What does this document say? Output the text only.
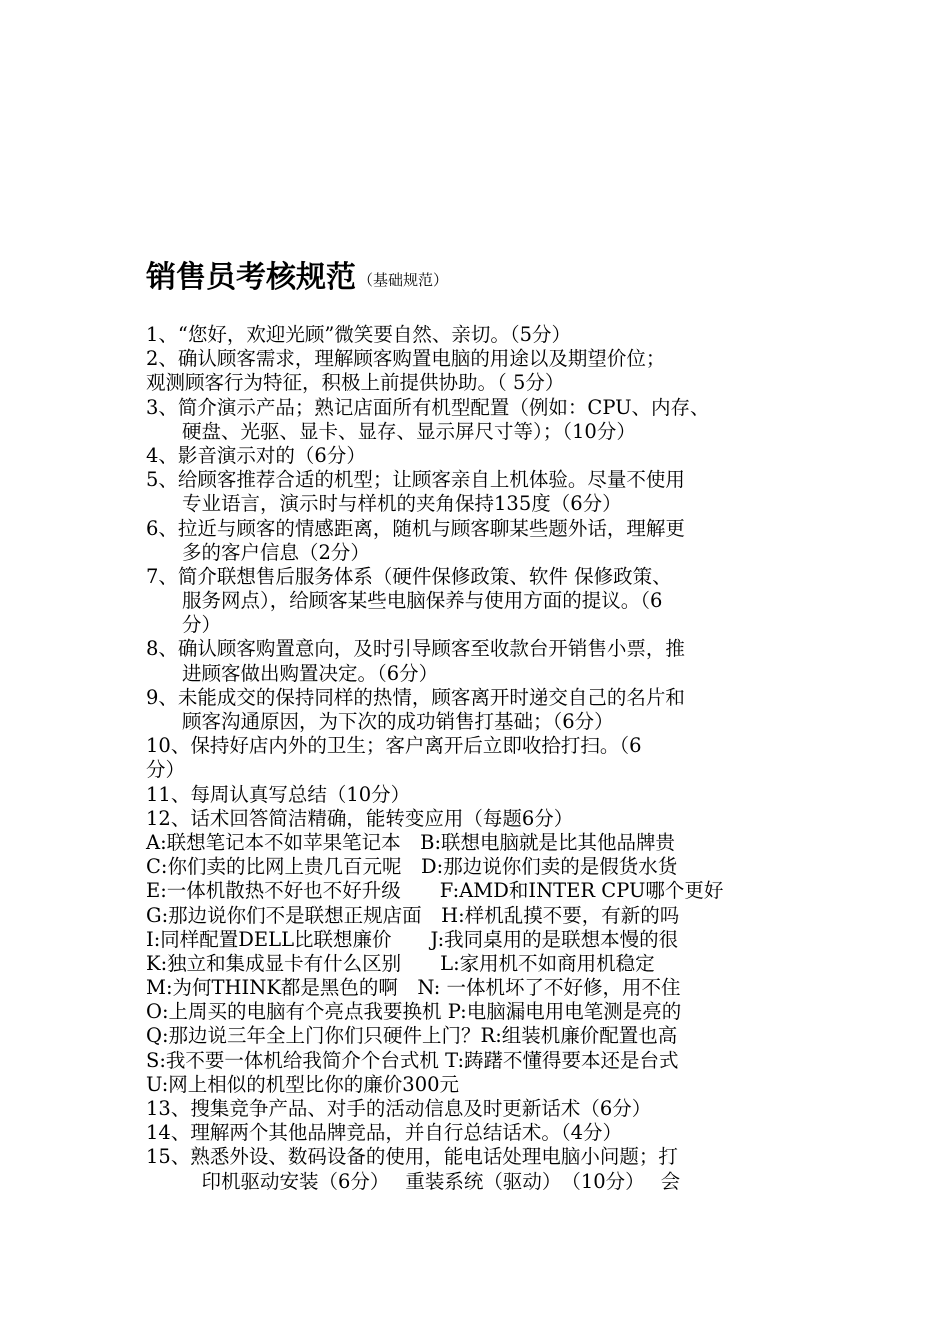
销售员考核规范 （基础规范）
1、“您好，欢迎光顾”微笑要自然、亲切。（5分）
2、确认顾客需求，理解顾客购置电脑的用途以及期望价位；
观测顾客行为特征，积极上前提供协助。（ 5分）
3、简介演示产品；熟记店面所有机型配置（例如：CPU、内存、
硬盘、光驱、显卡、显存、显示屏尺寸等）；（10分）
4、影音演示对的（6分）
5、给顾客推荐合适的机型；让顾客亲自上机体验。尽量不使用
专业语言，演示时与样机的夹角保持135度（6分）
6、拉近与顾客的情感距离，随机与顾客聊某些题外话，理解更
多的客户信息（2分）
7、简介联想售后服务体系（硬件保修政策、软件 保修政策、
服务网点），给顾客某些电脑保养与使用方面的提议。（6
分）
8、确认顾客购置意向，及时引导顾客至收款台开销售小票，推
进顾客做出购置决定。（6分）
9、未能成交的保持同样的热情，顾客离开时递交自己的名片和
顾客沟通原因，为下次的成功销售打基础；（6分）
10、保持好店内外的卫生；客户离开后立即收拾打扫。（6
分）
11、每周认真写总结（10分）
12、话术回答简洁精确，能转变应用（每题6分）
A:联想笔记本不如苹果笔记本　B:联想电脑就是比其他品牌贵
C:你们卖的比网上贵几百元呢　D:那边说你们卖的是假货水货
E:一体机散热不好也不好升级　　F:AMD和INTER CPU哪个更好
G:那边说你们不是联想正规店面　H:样机乱摸不要，有新的吗
I:同样配置DELL比联想廉价　　J:我同桌用的是联想本慢的很
K:独立和集成显卡有什么区别　　L:家用机不如商用机稳定
M:为何THINK都是黑色的啊　N: 一体机坏了不好修，用不住
O:上周买的电脑有个亮点我要换机 P:电脑漏电用电笔测是亮的
Q:那边说三年全上门你们只硬件上门？R:组装机廉价配置也高
S:我不要一体机给我简介个台式机 T:踌躇不懂得要本还是台式
U:网上相似的机型比你的廉价300元
13、搜集竞争产品、对手的活动信息及时更新话术（6分）
14、理解两个其他品牌竞品，并自行总结话术。（4分）
15、熟悉外设、数码设备的使用，能电话处理电脑小问题；打
　印机驱动安装（6分）　 重装系统（驱动）　（10分）　 会
